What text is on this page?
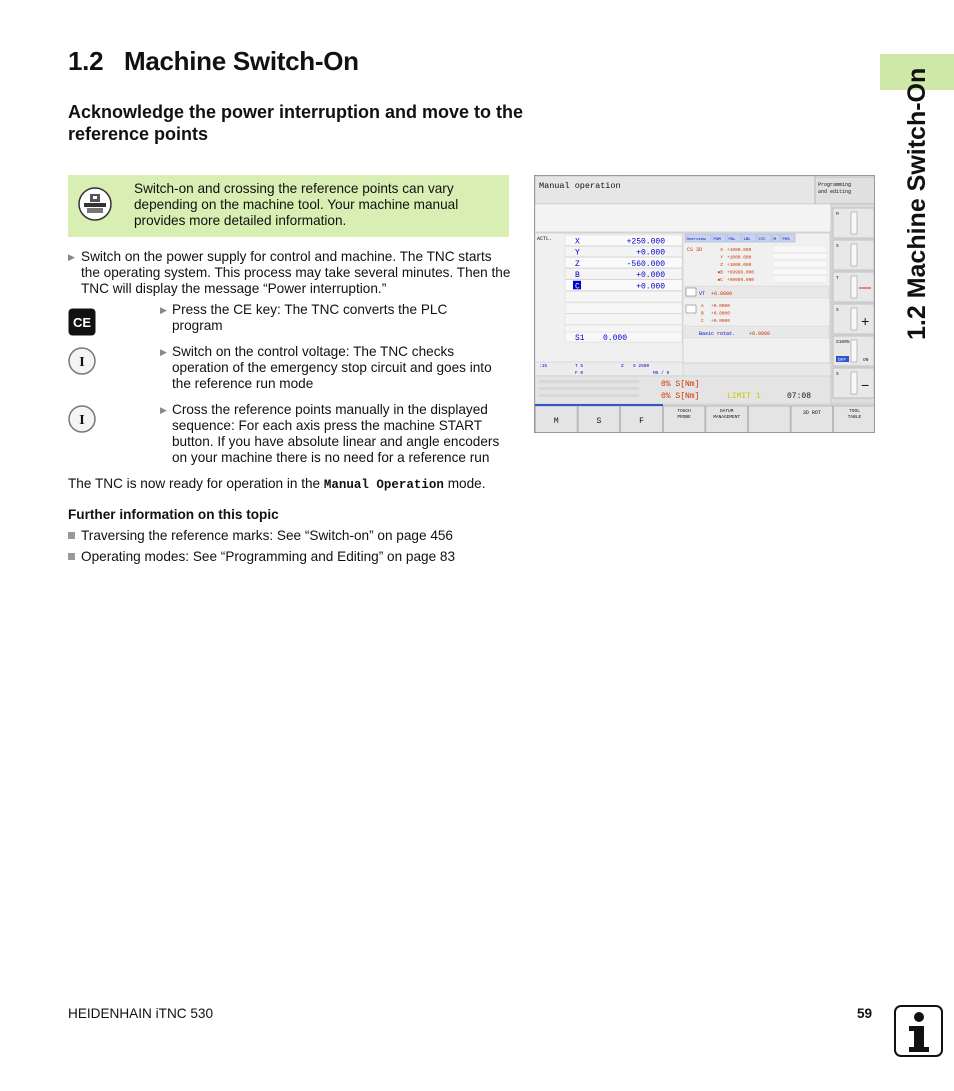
1.2 Machine Switch-On
1.2 Machine Switch-On
Acknowledge the power interruption and move to the reference points
Switch-on and crossing the reference points can vary depending on the machine tool. Your machine manual provides more detailed information.
▶ Switch on the power supply for control and machine. The TNC starts the operating system. This process may take several minutes. Then the TNC will display the message “Power interruption.”
CE
▶ Press the CE key: The TNC converts the PLC program
I
▶ Switch on the control voltage: The TNC checks operation of the emergency stop circuit and goes into the reference run mode
I
▶ Cross the reference points manually in the displayed sequence: For each axis press the machine START button. If you have absolute linear and angle encoders on your machine there is no need for a reference run
The TNC is now ready for operation in the Manual Operation mode.
Further information on this topic
Traversing the reference marks: See “Switch-on” on page 456
Operating modes: See “Programming and Editing” on page 83
Manual operation	Programming
and editing
ACTL.	X	+250.000
Y	+0.000
Z	-560.000
B	+0.000
C	+0.000
S1 0.000
Overview PGM PAL LBL CYC M POS
CS 3D	X +1000.000
Y +1000.000
Z +1000.000
✱B +99999.000
✱C +99999.000
VT +0.0000
A +0.0000
B +0.0000
C +0.0000
Basic rotat.	+0.0000
:15	T 5	Z S 2500
F 0	M5 / 9
0% S[Nm]
0% S[Nm]	LIMIT 1	07:08
M
S
T
S
S100%
S
OFF	ON
+
−
M	S	F
TOUCH
PROBE
DATUM
MANAGEMENT
3D ROT	TOOL
TABLE
HEIDENHAIN iTNC 530	59
